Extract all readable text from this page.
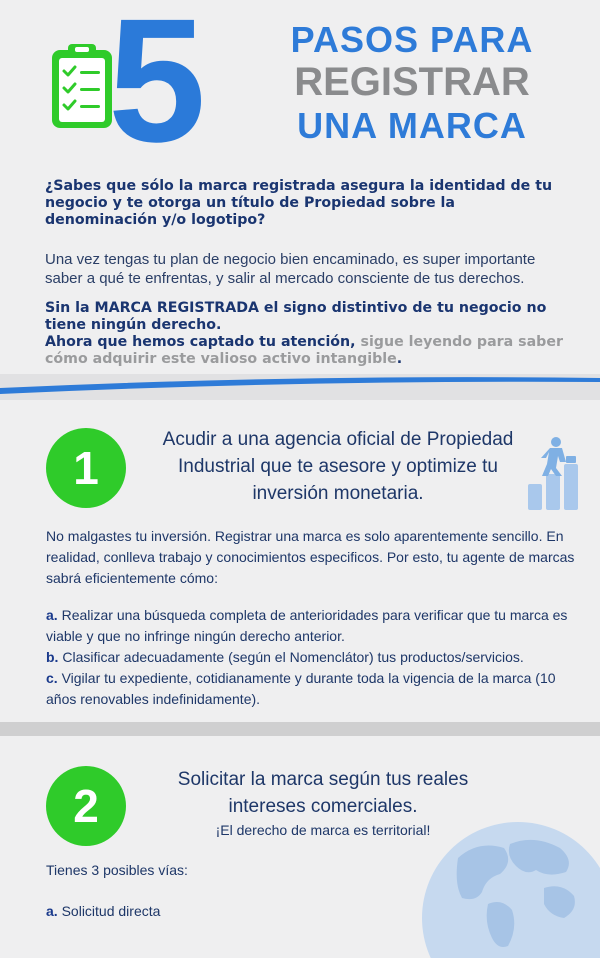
5	PASOS PARA
REGISTRAR
UNA MARCA
¿Sabes que sólo la marca registrada asegura la identidad de tu negocio y te otorga un título de Propiedad sobre la denominación y/o logotipo?
Una vez tengas tu plan de negocio bien encaminado, es super importante saber a qué te enfrentas, y salir al mercado consciente de tus derechos.
Sin la MARCA REGISTRADA el signo distintivo de tu negocio no tiene ningún derecho.
Ahora que hemos captado tu atención, sigue leyendo para saber cómo adquirir este valioso activo intangible.
1
Acudir a una agencia oficial de Propiedad Industrial que te asesore y optimize tu inversión monetaria.
No malgastes tu inversión. Registrar una marca es solo aparentemente sencillo. En realidad, conlleva trabajo y conocimientos especificos. Por esto, tu agente de marcas sabrá eficientemente cómo:

a. Realizar una búsqueda completa de anterioridades para verificar que tu marca es viable y que no infringe ningún derecho anterior.

b. Clasificar adecuadamente (según el Nomenclátor) tus productos/servicios.

c. Vigilar tu expediente, cotidianamente y durante toda la vigencia de la marca (10 años renovables indefinidamente).

2
Solicitar la marca según tus reales intereses comerciales.
¡El derecho de marca es territorial!
Tienes 3 posibles vías:
a. Solicitud directa
